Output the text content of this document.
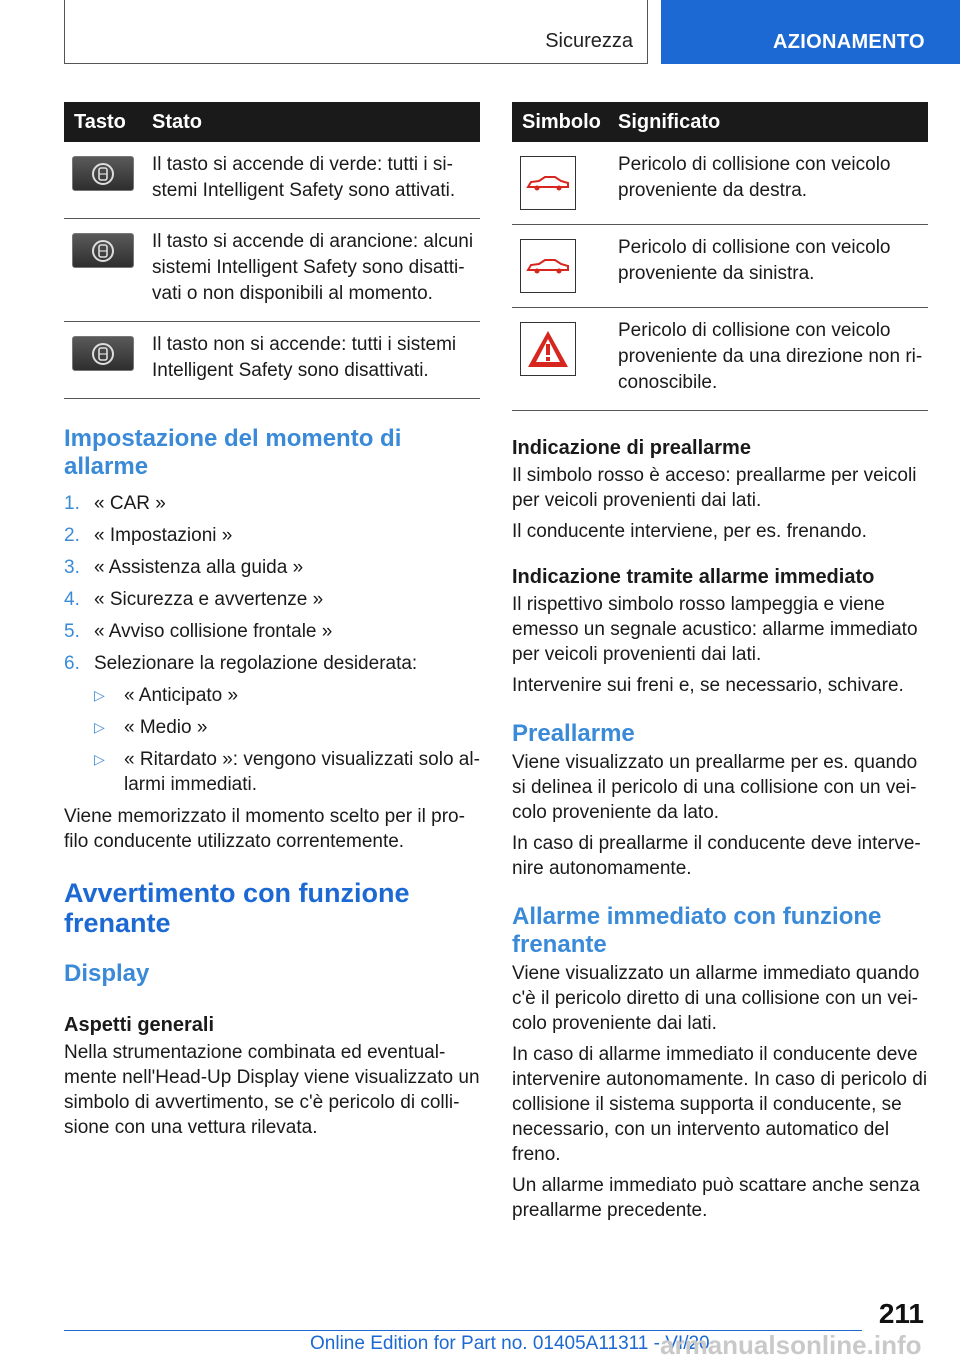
Sicurezza	AZIONAMENTO
Tasto	Stato

	Il tasto si accende di verde: tutti i si-stemi Intelligent Safety sono attivati.

	Il tasto si accende di arancione: alcuni sistemi Intelligent Safety sono disatti-vati o non disponibili al momento.

	Il tasto non si accende: tutti i sistemi Intelligent Safety sono disattivati.
Impostazione del momento di allarme
1. « CAR »
2. « Impostazioni »
3. « Assistenza alla guida »
4. « Sicurezza e avvertenze »
5. « Avviso collisione frontale »
6. Selezionare la regolazione desiderata:
▷	« Anticipato »
▷	« Medio »
▷	« Ritardato »: vengono visualizzati solo al-larmi immediati.

Viene memorizzato il momento scelto per il pro-filo conducente utilizzato correntemente.

Avvertimento con funzione frenante
Display
Aspetti generali

Nella strumentazione combinata ed eventual-mente nell'Head-Up Display viene visualizzato un simbolo di avvertimento, se c'è pericolo di colli-sione con una vettura rilevata.

Simbolo	Significato

	Pericolo di collisione con veicolo proveniente da destra.

	Pericolo di collisione con veicolo proveniente da sinistra.

	Pericolo di collisione con veicolo proveniente da una direzione non ri-conoscibile.
Indicazione di preallarme

Il simbolo rosso è acceso: preallarme per veicoli per veicoli provenienti dai lati.

Il conducente interviene, per es. frenando.

Indicazione tramite allarme immediato

Il rispettivo simbolo rosso lampeggia e viene emesso un segnale acustico: allarme immediato per veicoli provenienti dai lati.

Intervenire sui freni e, se necessario, schivare.

Preallarme

Viene visualizzato un preallarme per es. quando si delinea il pericolo di una collisione con un vei-colo proveniente da lato.

In caso di preallarme il conducente deve interve-nire autonomamente.

Allarme immediato con funzione frenante

Viene visualizzato un allarme immediato quando c'è il pericolo diretto di una collisione con un vei-colo proveniente dai lati.

In caso di allarme immediato il conducente deve intervenire autonomamente. In caso di pericolo di collisione il sistema supporta il conducente, se necessario, con un intervento automatico del freno.

Un allarme immediato può scattare anche senza preallarme precedente.

211
Online Edition for Part no. 01405A11311 - VI/20
armanualsonline.info
